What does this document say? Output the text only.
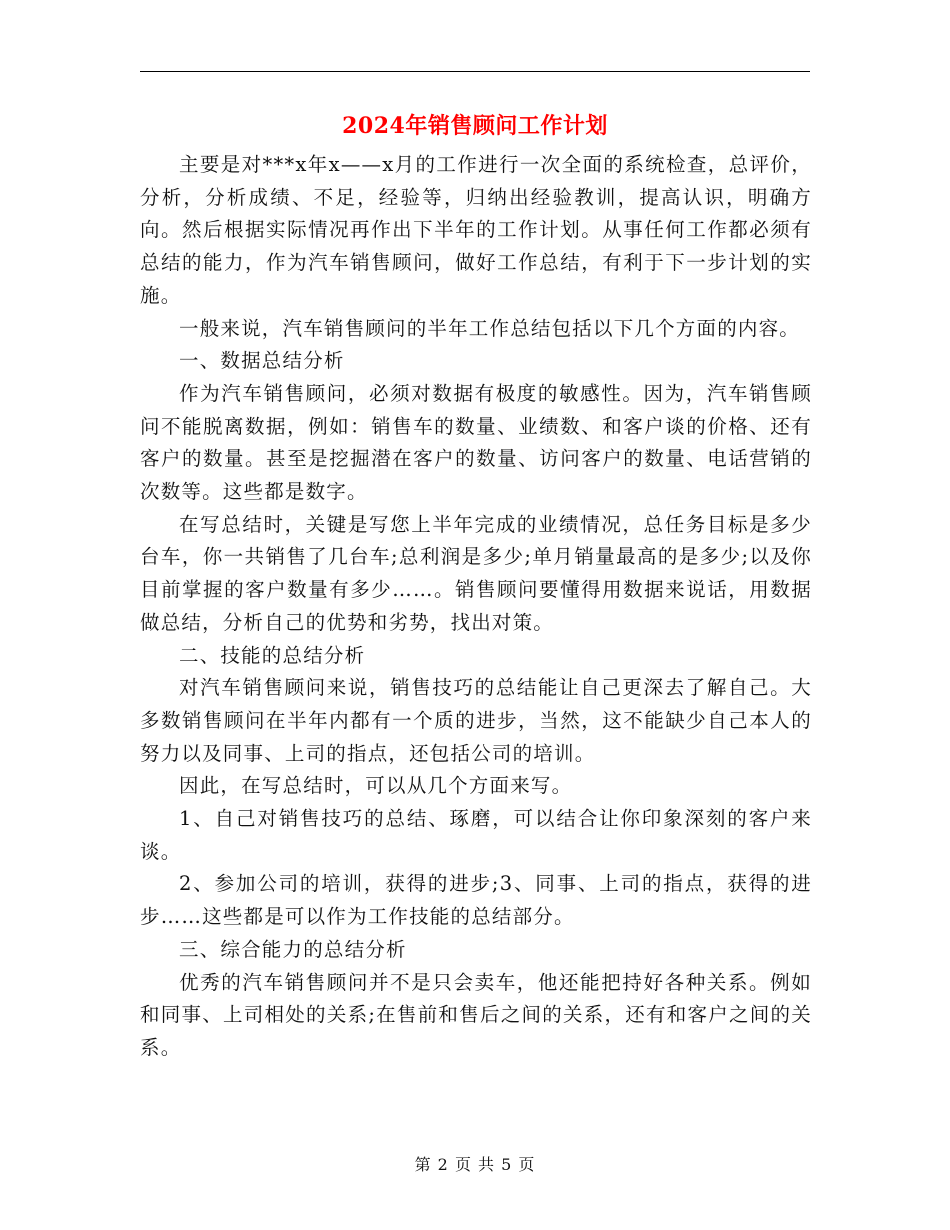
2024年销售顾问工作计划

主要是对***x年x——x月的工作进行一次全面的系统检查，总评价，分析，分析成绩、不足，经验等，归纳出经验教训，提高认识，明确方向。然后根据实际情况再作出下半年的工作计划。从事任何工作都必须有总结的能力，作为汽车销售顾问，做好工作总结，有利于下一步计划的实施。

一般来说，汽车销售顾问的半年工作总结包括以下几个方面的内容。

一、数据总结分析

作为汽车销售顾问，必须对数据有极度的敏感性。因为，汽车销售顾问不能脱离数据，例如：销售车的数量、业绩数、和客户谈的价格、还有客户的数量。甚至是挖掘潜在客户的数量、访问客户的数量、电话营销的次数等。这些都是数字。

在写总结时，关键是写您上半年完成的业绩情况，总任务目标是多少台车，你一共销售了几台车;总利润是多少;单月销量最高的是多少;以及你目前掌握的客户数量有多少……。销售顾问要懂得用数据来说话，用数据做总结，分析自己的优势和劣势，找出对策。

二、技能的总结分析

对汽车销售顾问来说，销售技巧的总结能让自己更深去了解自己。大多数销售顾问在半年内都有一个质的进步，当然，这不能缺少自己本人的努力以及同事、上司的指点，还包括公司的培训。

因此，在写总结时，可以从几个方面来写。

1、自己对销售技巧的总结、琢磨，可以结合让你印象深刻的客户来谈。

2、参加公司的培训，获得的进步;3、同事、上司的指点，获得的进步……这些都是可以作为工作技能的总结部分。

三、综合能力的总结分析

优秀的汽车销售顾问并不是只会卖车，他还能把持好各种关系。例如和同事、上司相处的关系;在售前和售后之间的关系，还有和客户之间的关系。

第 2 页 共 5 页
